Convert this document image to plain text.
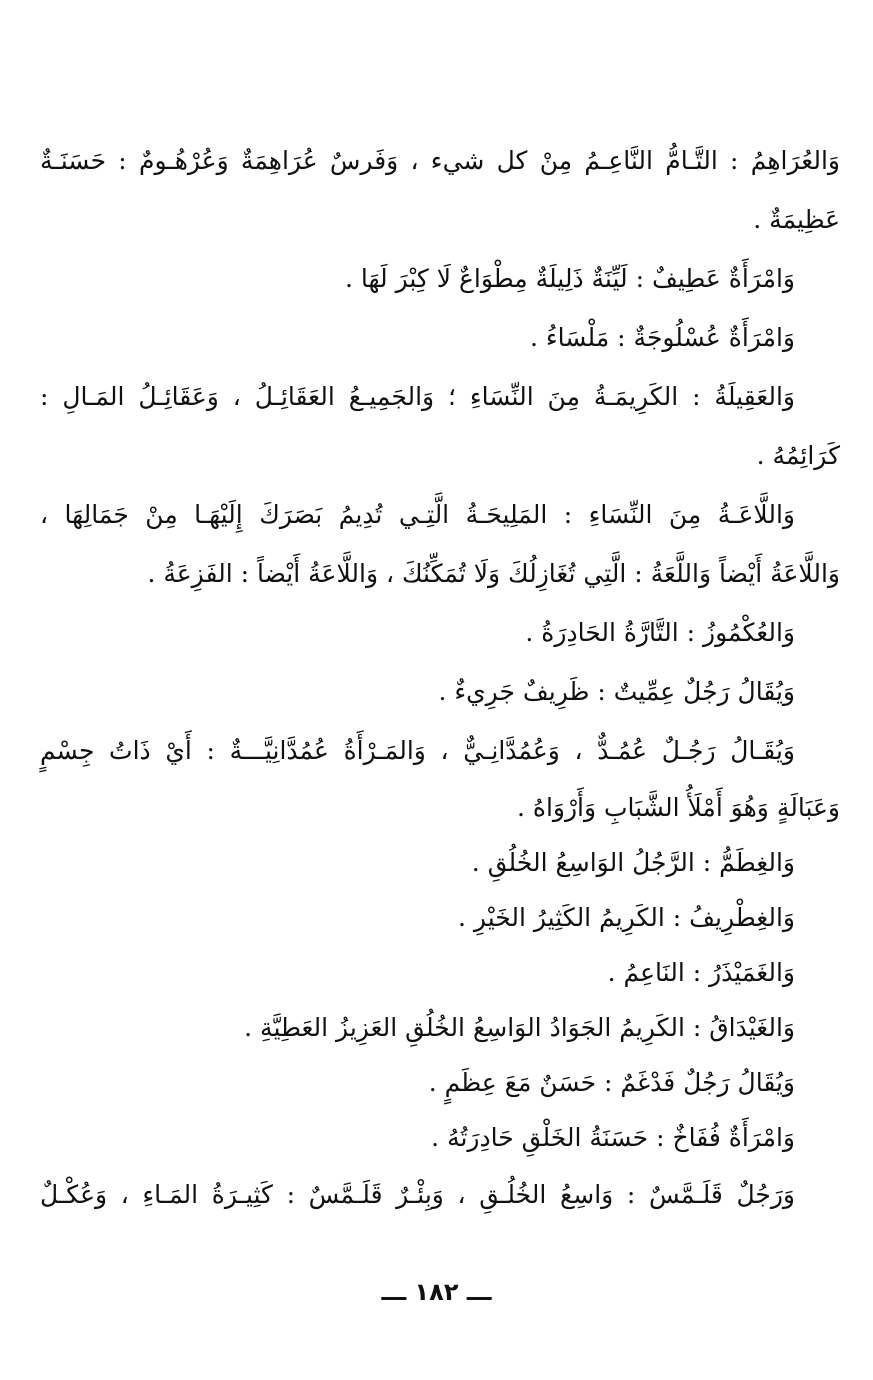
وَالعُرَاهِمُ : التَّـامُّ النَّاعِـمُ مِنْ كل شيء ، وَفَرسٌ عُرَاهِمَةٌ وَعُرْهُـومٌ : حَسَنَـةٌ
عَظِيمَةٌ .
وَامْرَأَةٌ عَطِيفٌ : لَيِّنَةٌ ذَلِيلَةٌ مِطْوَاعٌ لَا كِبْرَ لَهَا .
وَامْرَأَةٌ عُسْلُوجَةٌ : مَلْسَاءُ .
وَالعَقِيلَةُ : الكَرِيمَـةُ مِنَ النِّسَاءِ ؛ وَالجَمِيـعُ العَقَائِـلُ ، وَعَقَائِـلُ المَـالِ :
كَرَائِمُهُ .
وَاللَّاعَـةُ مِنَ النِّسَاءِ : المَلِيحَـةُ الَّتِـي تُدِيمُ بَصَرَكَ إِلَيْهَـا مِنْ جَمَالِهَا ،
وَاللَّاعَةُ أَيْضاً وَاللَّعَةُ : الَّتِي تُغَازِلُكَ وَلَا تُمَكِّنُكَ ، وَاللَّاعَةُ أَيْضاً : الفَزِعَةُ .
وَالعُكْمُوزُ : التَّارَّةُ الحَادِرَةُ .
وَيُقَالُ رَجُلٌ عِمِّيتٌ : ظَرِيفٌ جَرِيءٌ .
وَيُقَـالُ رَجُـلٌ عُمُـدٌّ ، وَعُمُدَّانِـيٌّ ، وَالمَـرْأَةُ عُمُدَّانِيَّـــةٌ : أَيْ ذَاتُ جِسْمٍ
وَعَبَالَةٍ وَهُوَ أَمْلَأُ الشَّبَابِ وَأَرْوَاهُ .
وَالغِطَمُّ : الرَّجُلُ الوَاسِعُ الخُلُقِ .
وَالغِطْرِيفُ : الكَرِيمُ الكَثِيرُ الخَيْرِ .
وَالغَمَيْذَرُ : النَاعِمُ .
وَالغَيْدَاقُ : الكَرِيمُ الجَوَادُ الوَاسِعُ الخُلُقِ العَزِيزُ العَطِيَّةِ .
وَيُقَالُ رَجُلٌ فَدْغَمٌ : حَسَنٌ مَعَ عِظَمٍ .
وَامْرَأَةٌ فُفَاخٌ : حَسَنَةُ الخَلْقِ حَادِرَتُهُ .
وَرَجُلٌ قَلَـمَّسٌ : وَاسِعُ الخُلُـقِ ، وَبِئْـرٌ قَلَـمَّسٌ : كَثِيـرَةُ المَـاءِ ، وَعُكْـلٌ
ـــ ١٨٢ ـــ
